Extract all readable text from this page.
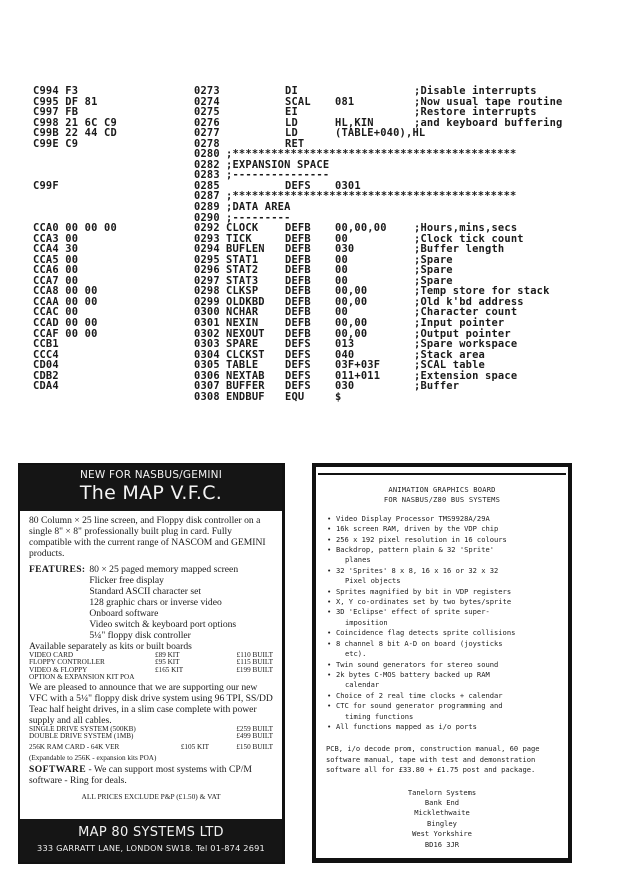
C994 F3	0273	DI	;Disable interrupts
C995 DF 81	0274	SCAL 081	;Now usual tape routine
C997 FB	0275	EI	;Restore interrupts
C998 21 6C C9	0276	LD	HL,KIN	;and keyboard buffering
C99B 22 44 CD	0277	LD	(TABLE+040),HL
C99E C9	0278	RET
0280 ;********************************************
0282 ;EXPANSION SPACE
0283 ;---------------
C99F	0285	DEFS 0301
0287 ;********************************************
0289 ;DATA AREA
0290 ;---------
CCA0 00 00 00	0292 CLOCK	DEFB 00,00,00	;Hours,mins,secs
CCA3 00	0293 TICK	DEFB 00	;Clock tick count
CCA4 30	0294 BUFLEN DEFB 030	;Buffer length
CCA5 00	0295 STAT1	DEFB 00	;Spare
CCA6 00	0296 STAT2	DEFB 00	;Spare
CCA7 00	0297 STAT3	DEFB 00	;Spare
CCA8 00 00	0298 CLKSP	DEFB 00,00	;Temp store for stack
CCAA 00 00	0299 OLDKBD DEFB 00,00	;Old k'bd address
CCAC 00	0300 NCHAR	DEFB 00	;Character count
CCAD 00 00	0301 NEXIN	DEFB 00,00	;Input pointer
CCAF 00 00	0302 NEXOUT DEFB 00,00	;Output pointer
CCB1	0303 SPARE	DEFS 013	;Spare workspace
CCC4	0304 CLCKST DEFS 040	;Stack area
CD04	0305 TABLE	DEFS 03F+03F	;SCAL table
CDB2	0306 NEXTAB DEFS 011+011	;Extension space
CDA4	0307 BUFFER DEFS 030	;Buffer
0308 ENDBUF EQU	$
NEW FOR NASBUS/GEMINI
The MAP V.F.C.

80 Column × 25 line screen, and Floppy disk controller on a single 8" × 8" professionally built plug in card. Fully compatible with the current range of NASCOM and GEMINI products.

FEATURES: 80 × 25 paged memory mapped screen
Flicker free display
Standard ASCII character set
128 graphic chars or inverse video
Onboard software
Video switch & keyboard port options
5¼" floppy disk controller

Available separately as kits or built boards

VIDEO CARD	£89 KIT	£110 BUILT
FLOPPY CONTROLLER	£95 KIT	£115 BUILT
VIDEO & FLOPPY	£165 KIT	£199 BUILT
OPTION & EXPANSION KIT POA		

We are pleased to announce that we are supporting our new VFC with a 5¼" floppy disk drive system using 96 TPI, SS/DD Teac half height drives, in a slim case complete with power supply and all cables.

SINGLE DRIVE SYSTEM (500KB)		£259 BUILT
DOUBLE DRIVE SYSTEM (1MB)		£499 BUILT
256K RAM CARD - 64K VER	£105 KIT	£150 BUILT
(Expandable to 256K - expansion kits POA)

SOFTWARE - We can support most systems with CP/M software - Ring for deals.

ALL PRICES EXCLUDE P&P (£1.50) & VAT
MAP 80 SYSTEMS LTD
333 GARRATT LANE, LONDON SW18. Tel 01-874 2691
ANIMATION GRAPHICS BOARD
FOR NASBUS/Z80 BUS SYSTEMS
• Video Display Processor TMS9928A/29A
• 16k screen RAM, driven by the VDP chip
• 256 x 192 pixel resolution in 16 colours
• Backdrop, pattern plain & 32 'Sprite'
planes
• 32 'Sprites' 8 x 8, 16 x 16 or 32 x 32
Pixel objects
• Sprites magnified by bit in VDP registers
• X, Y co-ordinates set by two bytes/sprite
• 3D 'Eclipse' effect of sprite super-
imposition
• Coincidence flag detects sprite collisions
• 8 channel 8 bit A-D on board (joysticks
etc).
• Twin sound generators for stereo sound
• 2k bytes C-MOS battery backed up RAM
calendar
• Choice of 2 real time clocks + calendar
• CTC for sound generator programming and
timing functions
• All functions mapped as i/o ports
PCB, i/o decode prom, construction manual, 60 page software manual, tape with test and demonstration software all for £33.80 + £1.75 post and package.
Tanelorn Systems
Bank End
Micklethwaite
Bingley
West Yorkshire
BD16 3JR
